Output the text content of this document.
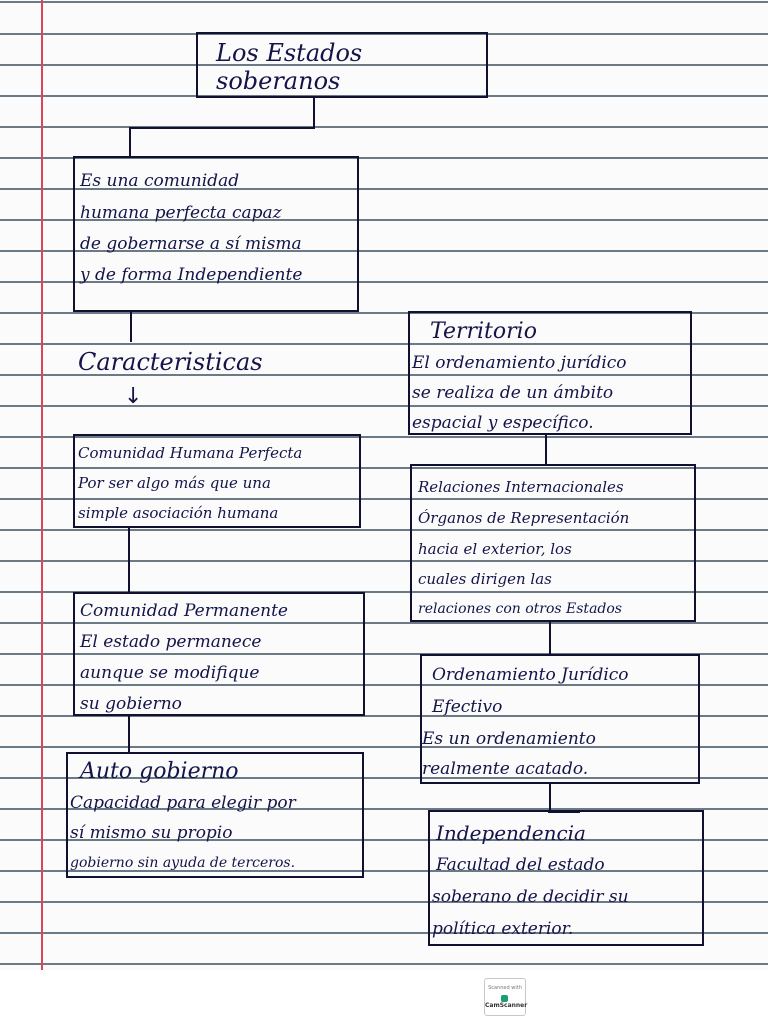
Los Estados

soberanos

Es una comunidad

humana perfecta capaz

de gobernarse a sí misma

y de forma Independiente

Caracteristicas

↓

Comunidad Humana Perfecta

Por ser algo más que una

simple asociación humana

Comunidad Permanente

El estado permanece

aunque se modifique

su gobierno

Auto gobierno

Capacidad para elegir por

sí mismo su propio

gobierno sin ayuda de terceros.

Territorio

El ordenamiento jurídico

se realiza de un ámbito

espacial y específico.

Relaciones Internacionales

Órganos de Representación

hacia el exterior, los

cuales dirigen las

relaciones con otros Estados

Ordenamiento Jurídico

Efectivo

Es un ordenamiento

realmente acatado.

Independencia

Facultad del estado

soberano de decidir su

política exterior.

Scanned with
CamScanner
